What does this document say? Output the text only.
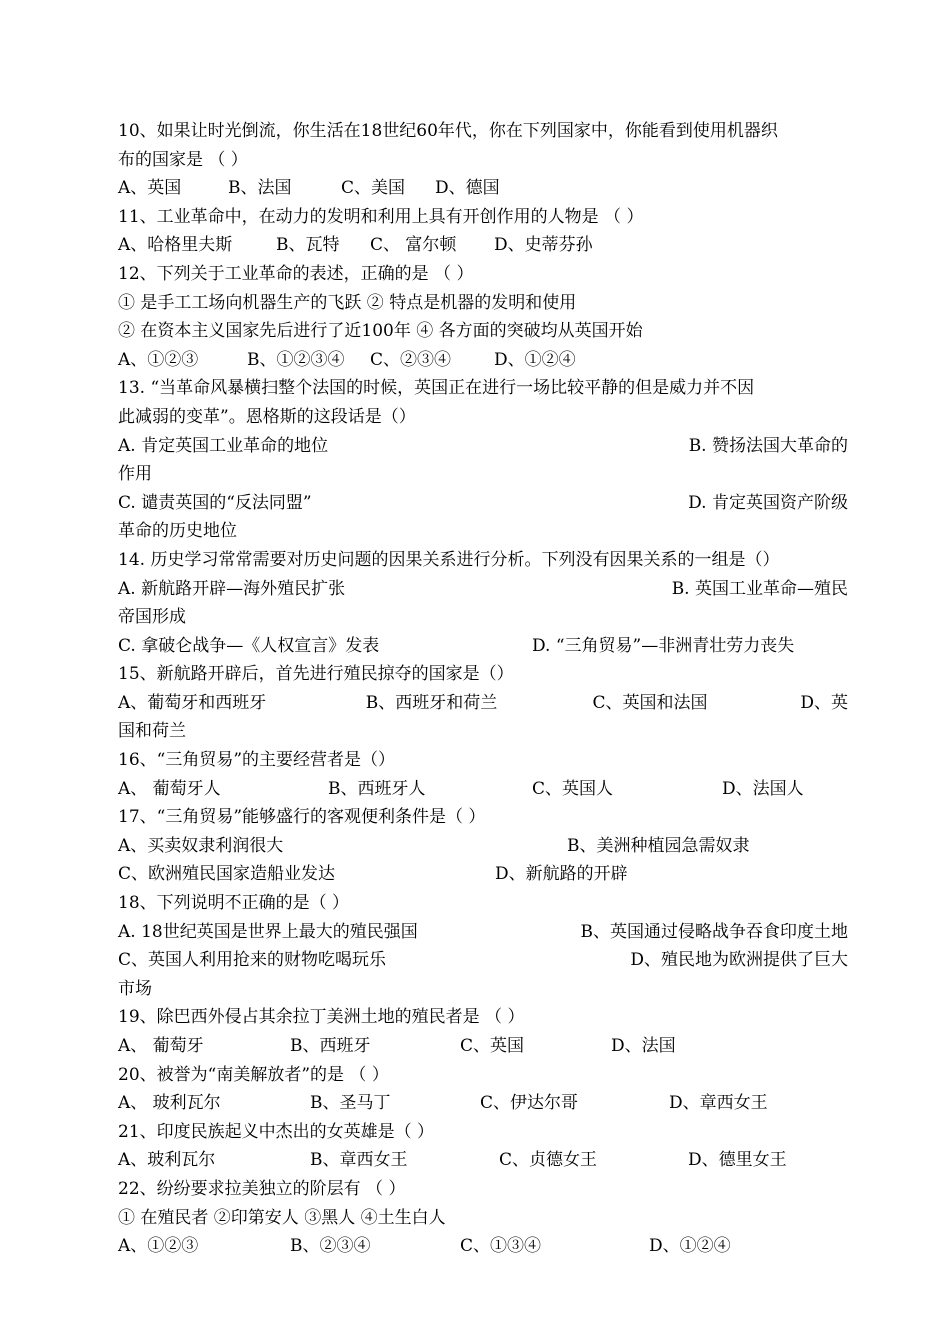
10、如果让时光倒流，你生活在18世纪60年代，你在下列国家中，你能看到使用机器织
布的国家是 （ ）
A、英国	B、法国	C、美国	D、德国
11、工业革命中，在动力的发明和利用上具有开创作用的人物是 （ ）
A、哈格里夫斯	B、瓦特	C、 富尔顿	D、史蒂芬孙
12、下列关于工业革命的表述，正确的是 （ ）
① 是手工工场向机器生产的飞跃 ② 特点是机器的发明和使用
② 在资本主义国家先后进行了近100年 ④ 各方面的突破均从英国开始
A、①②③	B、①②③④	C、②③④	D、①②④
13. “当革命风暴横扫整个法国的时候，英国正在进行一场比较平静的但是威力并不因
此减弱的变革”。恩格斯的这段话是（）
A. 肯定英国工业革命的地位	B. 赞扬法国大革命的
作用
C. 谴责英国的“反法同盟”	D. 肯定英国资产阶级
革命的历史地位
14. 历史学习常常需要对历史问题的因果关系进行分析。下列没有因果关系的一组是（）
A. 新航路开辟—海外殖民扩张	B. 英国工业革命—殖民
帝国形成
C. 拿破仑战争—《人权宣言》发表	D. “三角贸易”—非洲青壮劳力丧失
15、新航路开辟后，首先进行殖民掠夺的国家是（）
A、葡萄牙和西班牙	B、西班牙和荷兰	C、英国和法国	D、英
国和荷兰
16、“三角贸易”的主要经营者是（）
A、 葡萄牙人	B、西班牙人	C、英国人	D、法国人
17、“三角贸易”能够盛行的客观便利条件是（ ）
A、买卖奴隶利润很大	B、美洲种植园急需奴隶
C、欧洲殖民国家造船业发达	D、新航路的开辟
18、下列说明不正确的是（ ）
A. 18世纪英国是世界上最大的殖民强国	B、英国通过侵略战争吞食印度土地
C、英国人利用抢来的财物吃喝玩乐	D、殖民地为欧洲提供了巨大
市场
19、除巴西外侵占其余拉丁美洲土地的殖民者是 （ ）
A、 葡萄牙	B、西班牙	C、英国	D、法国
20、被誉为“南美解放者”的是 （ ）
A、 玻利瓦尔	B、圣马丁	C、伊达尔哥	D、章西女王
21、印度民族起义中杰出的女英雄是（ ）
A、玻利瓦尔	B、章西女王	C、贞德女王	D、德里女王
22、纷纷要求拉美独立的阶层有 （ ）
① 在殖民者 ②印第安人 ③黑人 ④土生白人
A、①②③	B、②③④	C、①③④	D、①②④
